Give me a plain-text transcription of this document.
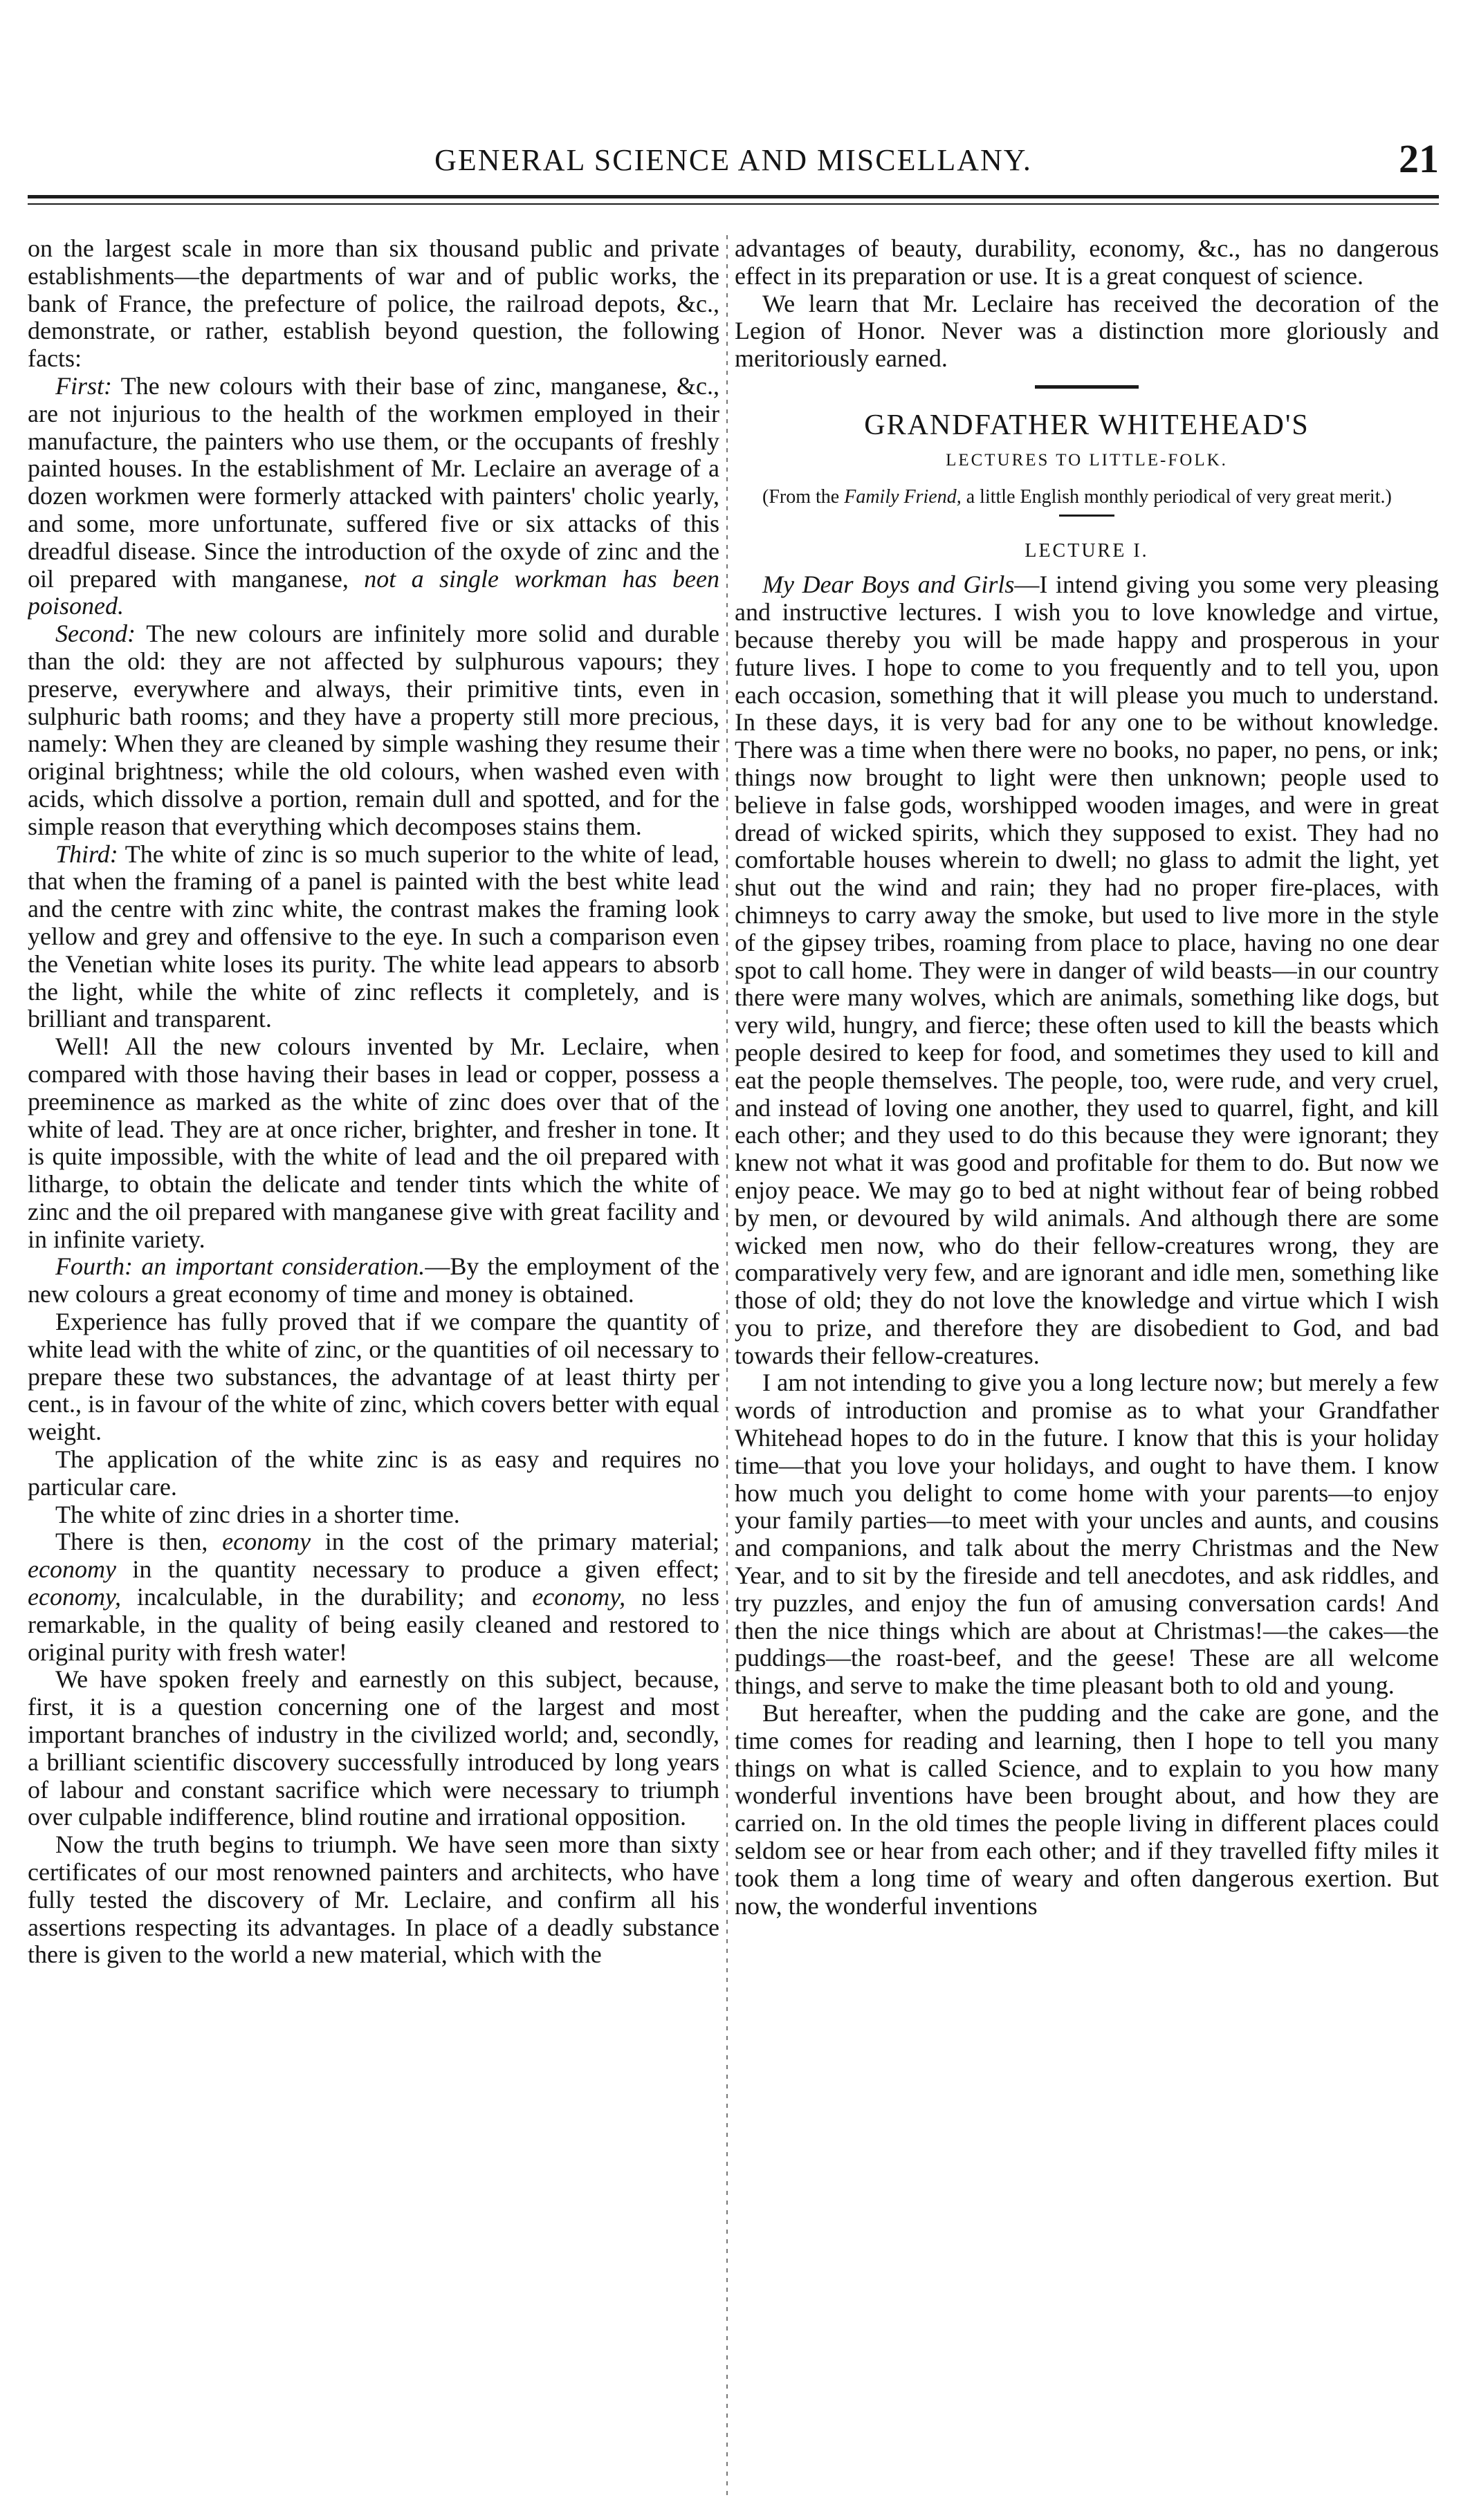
GENERAL SCIENCE AND MISCELLANY.	21

on the largest scale in more than six thousand public and private establishments—the departments of war and of public works, the bank of France, the prefecture of police, the railroad depots, &c., demonstrate, or rather, establish beyond question, the following facts:

First: The new colours with their base of zinc, manganese, &c., are not injurious to the health of the workmen employed in their manufacture, the painters who use them, or the occupants of freshly painted houses. In the establishment of Mr. Leclaire an average of a dozen workmen were formerly attacked with painters' cholic yearly, and some, more unfortunate, suffered five or six attacks of this dreadful disease. Since the introduction of the oxyde of zinc and the oil prepared with manganese, not a single workman has been poisoned.

Second: The new colours are infinitely more solid and durable than the old: they are not affected by sulphurous vapours; they preserve, everywhere and always, their primitive tints, even in sulphuric bath rooms; and they have a property still more precious, namely: When they are cleaned by simple washing they resume their original brightness; while the old colours, when washed even with acids, which dissolve a portion, remain dull and spotted, and for the simple reason that everything which decomposes stains them.

Third: The white of zinc is so much superior to the white of lead, that when the framing of a panel is painted with the best white lead and the centre with zinc white, the contrast makes the framing look yellow and grey and offensive to the eye. In such a comparison even the Venetian white loses its purity. The white lead appears to absorb the light, while the white of zinc reflects it completely, and is brilliant and transparent.

Well! All the new colours invented by Mr. Leclaire, when compared with those having their bases in lead or copper, possess a preeminence as marked as the white of zinc does over that of the white of lead. They are at once richer, brighter, and fresher in tone. It is quite impossible, with the white of lead and the oil prepared with litharge, to obtain the delicate and tender tints which the white of zinc and the oil prepared with manganese give with great facility and in infinite variety.

Fourth: an important consideration.—By the employment of the new colours a great economy of time and money is obtained.

Experience has fully proved that if we compare the quantity of white lead with the white of zinc, or the quantities of oil necessary to prepare these two substances, the advantage of at least thirty per cent., is in favour of the white of zinc, which covers better with equal weight.

The application of the white zinc is as easy and requires no particular care.

The white of zinc dries in a shorter time.

There is then, economy in the cost of the primary material; economy in the quantity necessary to produce a given effect; economy, incalculable, in the durability; and economy, no less remarkable, in the quality of being easily cleaned and restored to original purity with fresh water!

We have spoken freely and earnestly on this subject, because, first, it is a question concerning one of the largest and most important branches of industry in the civilized world; and, secondly, a brilliant scientific discovery successfully introduced by long years of labour and constant sacrifice which were necessary to triumph over culpable indifference, blind routine and irrational opposition.

Now the truth begins to triumph. We have seen more than sixty certificates of our most renowned painters and architects, who have fully tested the discovery of Mr. Leclaire, and confirm all his assertions respecting its advantages. In place of a deadly substance there is given to the world a new material, which with the

advantages of beauty, durability, economy, &c., has no dangerous effect in its preparation or use. It is a great conquest of science.

We learn that Mr. Leclaire has received the decoration of the Legion of Honor. Never was a distinction more gloriously and meritoriously earned.

GRANDFATHER WHITEHEAD'S
LECTURES TO LITTLE-FOLK.

(From the Family Friend, a little English monthly periodical of very great merit.)

LECTURE I.

My Dear Boys and Girls—I intend giving you some very pleasing and instructive lectures. I wish you to love knowledge and virtue, because thereby you will be made happy and prosperous in your future lives. I hope to come to you frequently and to tell you, upon each occasion, something that it will please you much to understand. In these days, it is very bad for any one to be without knowledge. There was a time when there were no books, no paper, no pens, or ink; things now brought to light were then unknown; people used to believe in false gods, worshipped wooden images, and were in great dread of wicked spirits, which they supposed to exist. They had no comfortable houses wherein to dwell; no glass to admit the light, yet shut out the wind and rain; they had no proper fire-places, with chimneys to carry away the smoke, but used to live more in the style of the gipsey tribes, roaming from place to place, having no one dear spot to call home. They were in danger of wild beasts—in our country there were many wolves, which are animals, something like dogs, but very wild, hungry, and fierce; these often used to kill the beasts which people desired to keep for food, and sometimes they used to kill and eat the people themselves. The people, too, were rude, and very cruel, and instead of loving one another, they used to quarrel, fight, and kill each other; and they used to do this because they were ignorant; they knew not what it was good and profitable for them to do. But now we enjoy peace. We may go to bed at night without fear of being robbed by men, or devoured by wild animals. And although there are some wicked men now, who do their fellow-creatures wrong, they are comparatively very few, and are ignorant and idle men, something like those of old; they do not love the knowledge and virtue which I wish you to prize, and therefore they are disobedient to God, and bad towards their fellow-creatures.

I am not intending to give you a long lecture now; but merely a few words of introduction and promise as to what your Grandfather Whitehead hopes to do in the future. I know that this is your holiday time—that you love your holidays, and ought to have them. I know how much you delight to come home with your parents—to enjoy your family parties—to meet with your uncles and aunts, and cousins and companions, and talk about the merry Christmas and the New Year, and to sit by the fireside and tell anecdotes, and ask riddles, and try puzzles, and enjoy the fun of amusing conversation cards! And then the nice things which are about at Christmas!—the cakes—the puddings—the roast-beef, and the geese! These are all welcome things, and serve to make the time pleasant both to old and young.

But hereafter, when the pudding and the cake are gone, and the time comes for reading and learning, then I hope to tell you many things on what is called Science, and to explain to you how many wonderful inventions have been brought about, and how they are carried on. In the old times the people living in different places could seldom see or hear from each other; and if they travelled fifty miles it took them a long time of weary and often dangerous exertion. But now, the wonderful inventions
